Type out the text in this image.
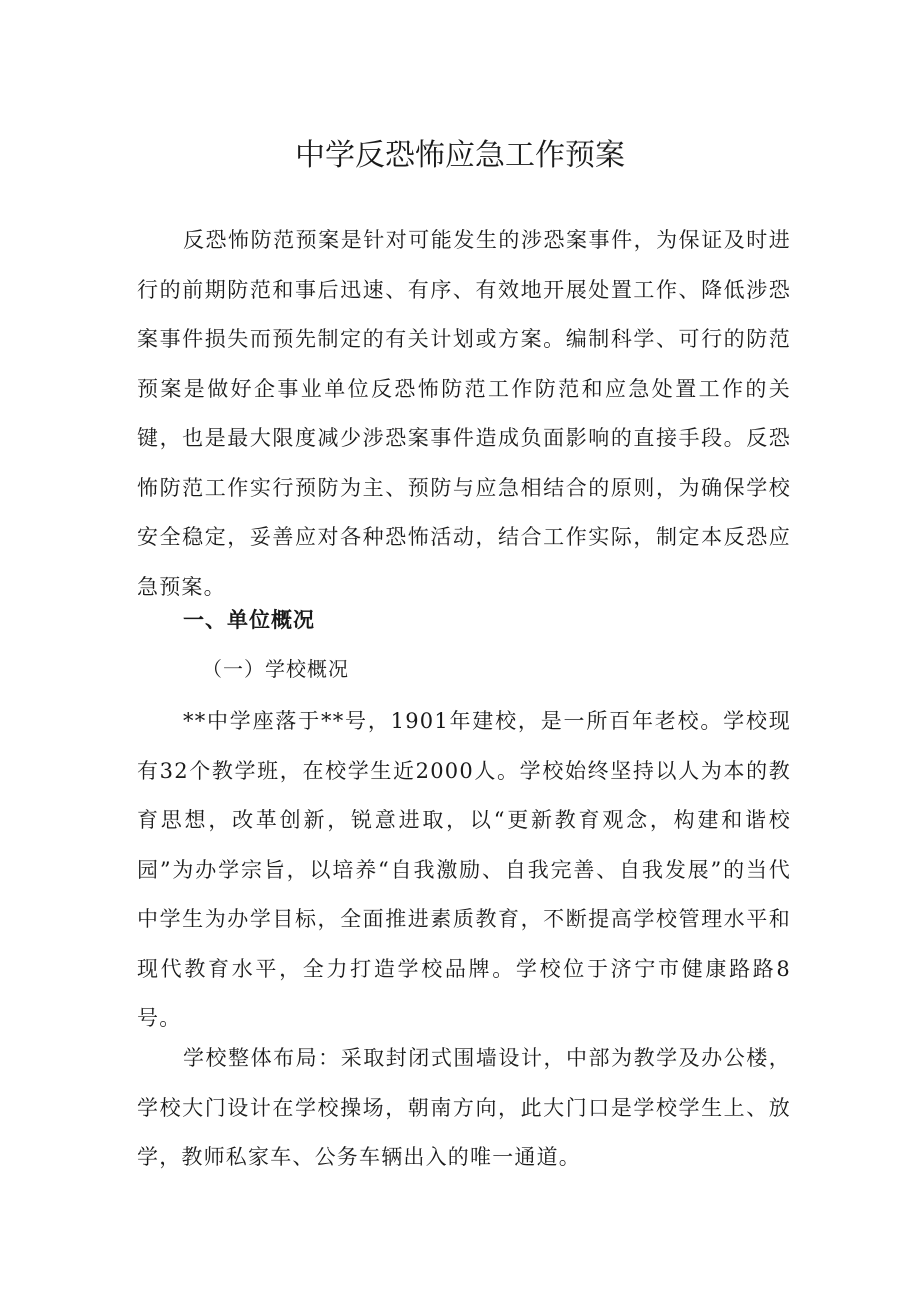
中学反恐怖应急工作预案

反恐怖防范预案是针对可能发生的涉恐案事件，为保证及时进行的前期防范和事后迅速、有序、有效地开展处置工作、降低涉恐案事件损失而预先制定的有关计划或方案。编制科学、可行的防范预案是做好企事业单位反恐怖防范工作防范和应急处置工作的关键，也是最大限度减少涉恐案事件造成负面影响的直接手段。反恐怖防范工作实行预防为主、预防与应急相结合的原则，为确保学校安全稳定，妥善应对各种恐怖活动，结合工作实际，制定本反恐应急预案。

一、单位概况
（一）学校概况

**中学座落于**号，1901年建校，是一所百年老校。学校现有32个教学班，在校学生近2000人。学校始终坚持以人为本的教育思想，改革创新，锐意进取，以“更新教育观念，构建和谐校园”为办学宗旨，以培养“自我激励、自我完善、自我发展”的当代中学生为办学目标，全面推进素质教育，不断提高学校管理水平和现代教育水平，全力打造学校品牌。学校位于济宁市健康路路8号。

学校整体布局：采取封闭式围墙设计，中部为教学及办公楼，学校大门设计在学校操场，朝南方向，此大门口是学校学生上、放学，教师私家车、公务车辆出入的唯一通道。
